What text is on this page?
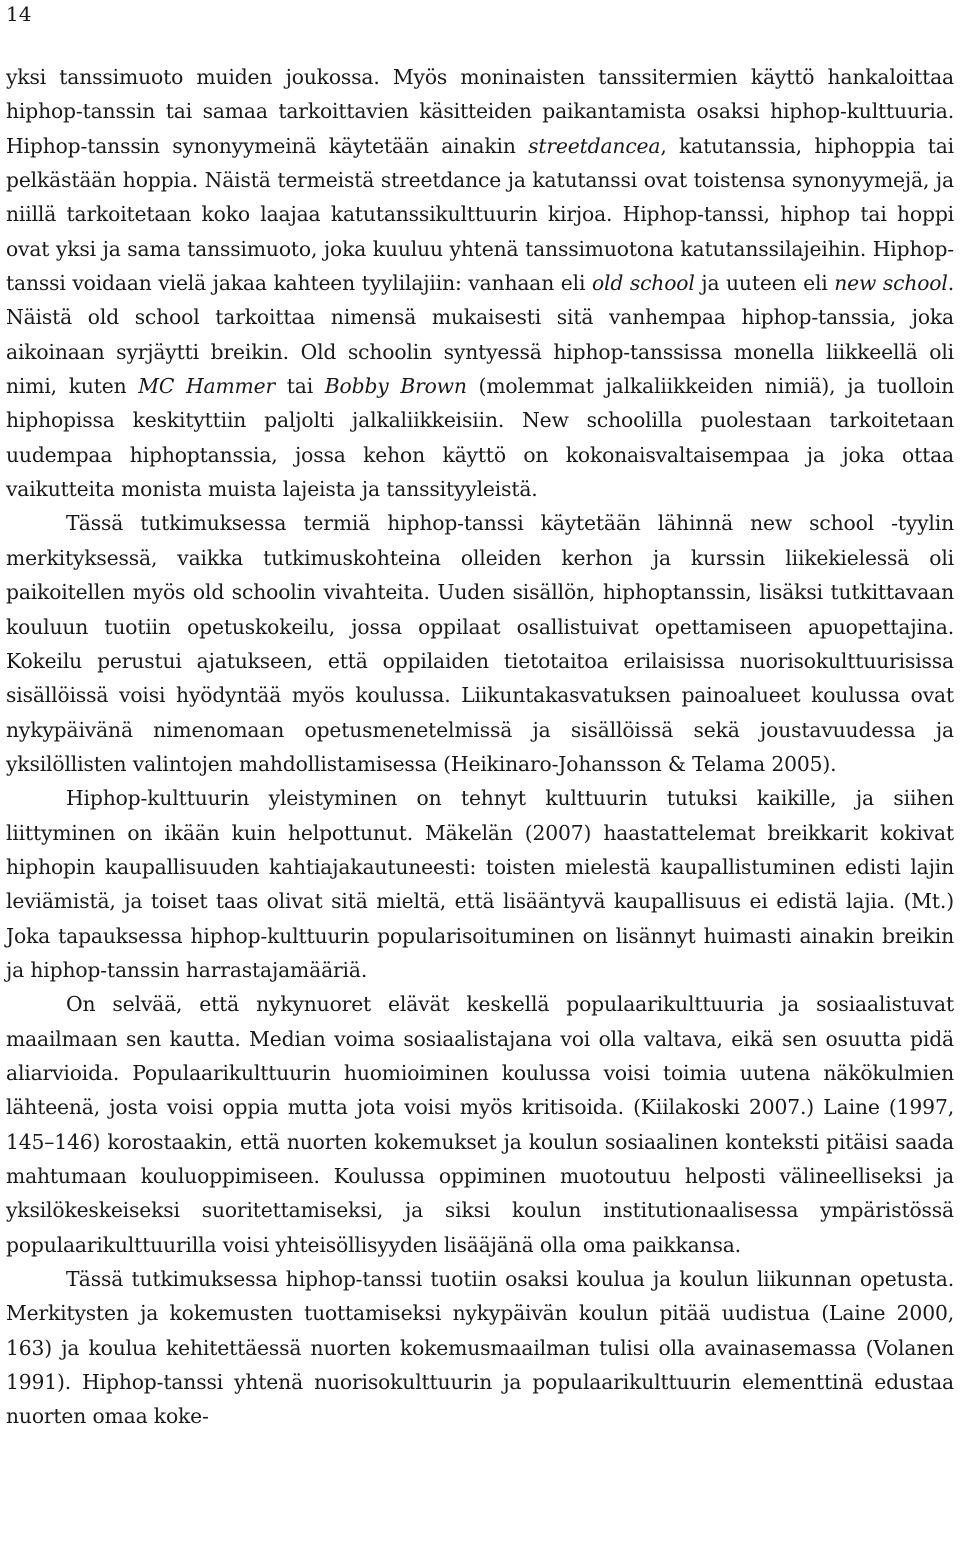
14

yksi tanssimuoto muiden joukossa. Myös moninaisten tanssitermien käyttö hankaloittaa hiphop-tanssin tai samaa tarkoittavien käsitteiden paikantamista osaksi hiphop-kulttuuria. Hiphop-tanssin synonyymeinä käytetään ainakin streetdancea, katutanssia, hiphoppia tai pelkästään hoppia. Näistä termeistä streetdance ja katutanssi ovat toistensa synonyymejä, ja niillä tarkoitetaan koko laajaa katutanssikulttuurin kirjoa. Hiphop-tanssi, hiphop tai hoppi ovat yksi ja sama tanssimuoto, joka kuuluu yhtenä tanssimuotona katutanssilajeihin. Hiphop-tanssi voidaan vielä jakaa kahteen tyylilajiin: vanhaan eli old school ja uuteen eli new school. Näistä old school tarkoittaa nimensä mukaisesti sitä vanhempaa hiphop-tanssia, joka aikoinaan syrjäytti breikin. Old schoolin syntyessä hiphop-tanssissa monella liikkeellä oli nimi, kuten MC Hammer tai Bobby Brown (molemmat jalkaliikkeiden nimiä), ja tuolloin hiphopissa keskityttiin paljolti jalkaliikkeisiin. New schoolilla puolestaan tarkoitetaan uudempaa hiphoptanssia, jossa kehon käyttö on kokonaisvaltaisempaa ja joka ottaa vaikutteita monista muista lajeista ja tanssityyleistä.

Tässä tutkimuksessa termiä hiphop-tanssi käytetään lähinnä new school -tyylin merkityksessä, vaikka tutkimuskohteina olleiden kerhon ja kurssin liikekielessä oli paikoitellen myös old schoolin vivahteita. Uuden sisällön, hiphoptanssin, lisäksi tutkittavaan kouluun tuotiin opetuskokeilu, jossa oppilaat osallistuivat opettamiseen apuopettajina. Kokeilu perustui ajatukseen, että oppilaiden tietotaitoa erilaisissa nuorisokulttuurisissa sisällöissä voisi hyödyntää myös koulussa. Liikuntakasvatuksen painoalueet koulussa ovat nykypäivänä nimenomaan opetusmenetelmissä ja sisällöissä sekä joustavuudessa ja yksilöllisten valintojen mahdollistamisessa (Heikinaro-Johansson & Telama 2005).

Hiphop-kulttuurin yleistyminen on tehnyt kulttuurin tutuksi kaikille, ja siihen liittyminen on ikään kuin helpottunut. Mäkelän (2007) haastattelemat breikkarit kokivat hiphopin kaupallisuuden kahtiajakautuneesti: toisten mielestä kaupallistuminen edisti lajin leviämistä, ja toiset taas olivat sitä mieltä, että lisääntyvä kaupallisuus ei edistä lajia. (Mt.) Joka tapauksessa hiphop-kulttuurin popularisoituminen on lisännyt huimasti ainakin breikin ja hiphop-tanssin harrastajamääriä.

On selvää, että nykynuoret elävät keskellä populaarikulttuuria ja sosiaalistuvat maailmaan sen kautta. Median voima sosiaalistajana voi olla valtava, eikä sen osuutta pidä aliarvioida. Populaarikulttuurin huomioiminen koulussa voisi toimia uutena näkökulmien lähteenä, josta voisi oppia mutta jota voisi myös kritisoida. (Kiilakoski 2007.) Laine (1997, 145–146) korostaakin, että nuorten kokemukset ja koulun sosiaalinen konteksti pitäisi saada mahtumaan kouluoppimiseen. Koulussa oppiminen muotoutuu helposti välineelliseksi ja yksilökeskeiseksi suoritettamiseksi, ja siksi koulun institutionaalisessa ympäristössä populaarikulttuurilla voisi yhteisöllisyyden lisääjänä olla oma paikkansa.

Tässä tutkimuksessa hiphop-tanssi tuotiin osaksi koulua ja koulun liikunnan opetusta. Merkitysten ja kokemusten tuottamiseksi nykypäivän koulun pitää uudistua (Laine 2000, 163) ja koulua kehitettäessä nuorten kokemusmaailman tulisi olla avainasemassa (Volanen 1991). Hiphop-tanssi yhtenä nuorisokulttuurin ja populaarikulttuurin elementtinä edustaa nuorten omaa koke-
